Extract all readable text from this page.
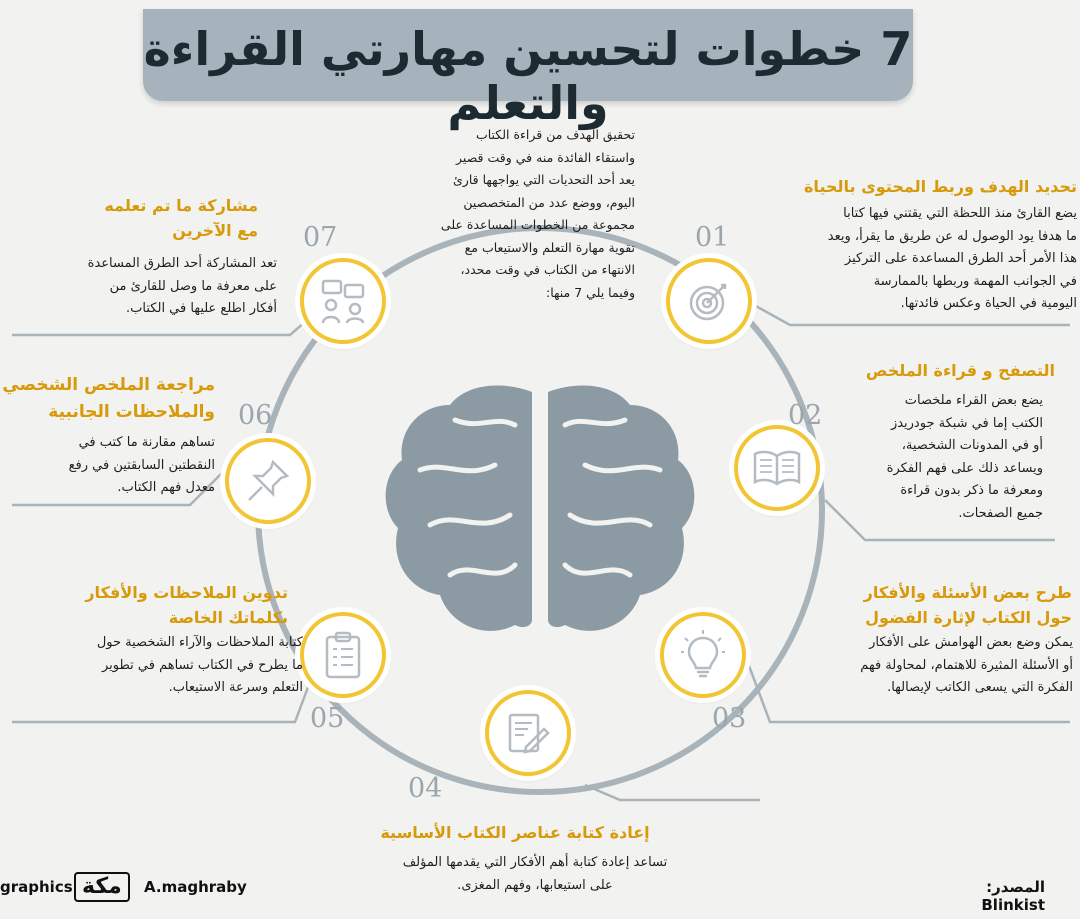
7 خطوات لتحسين مهارتي القراءة والتعلم
تحقيق الهدف من قراءة الكتاب
واستقاء الفائدة منه في وقت قصير
يعد أحد التحديات التي يواجهها قارئ
اليوم، ووضع عدد من المتخصصين
مجموعة من الخطوات المساعدة على
تقوية مهارة التعلم والاستيعاب مع
الانتهاء من الكتاب في وقت محدد،
وفيما يلي 7 منها:
01
تحديد الهدف وربط المحتوى بالحياة
يضع القارئ منذ اللحظة التي يقتني فيها كتابا
ما هدفا يود الوصول له عن طريق ما يقرأ، ويعد
هذا الأمر أحد الطرق المساعدة على التركيز
في الجوانب المهمة وربطها بالممارسة
اليومية في الحياة وعكس فائدتها.
02
التصفح و قراءة الملخص
يضع بعض القراء ملخصات
الكتب إما في شبكة جودريدز
أو في المدونات الشخصية،
ويساعد ذلك على فهم الفكرة
ومعرفة ما ذكر بدون قراءة
جميع الصفحات.
03
طرح بعض الأسئلة والأفكار
حول الكتاب لإثارة الفضول
يمكن وضع بعض الهوامش على الأفكار
أو الأسئلة المثيرة للاهتمام، لمحاولة فهم
الفكرة التي يسعى الكاتب لإيصالها.
04
إعادة كتابة عناصر الكتاب الأساسية
تساعد إعادة كتابة أهم الأفكار التي يقدمها المؤلف
على استيعابها، وفهم المغزى.
05
تدوين الملاحظات والأفكار
بكلماتك الخاصة
كتابة الملاحظات والآراء الشخصية حول
ما يطرح في الكتاب تساهم في تطوير
التعلم وسرعة الاستيعاب.
06
مراجعة الملخص الشخصي
والملاحظات الجانبية
تساهم مقارنة ما كتب في
النقطتين السابقتين في رفع
معدل فهم الكتاب.
07
مشاركة ما تم تعلمه
مع الآخرين
تعد المشاركة أحد الطرق المساعدة
على معرفة ما وصل للقارئ من
أفكار اطلع عليها في الكتاب.
graphics مكة	A.maghraby	المصدر: Blinkist
